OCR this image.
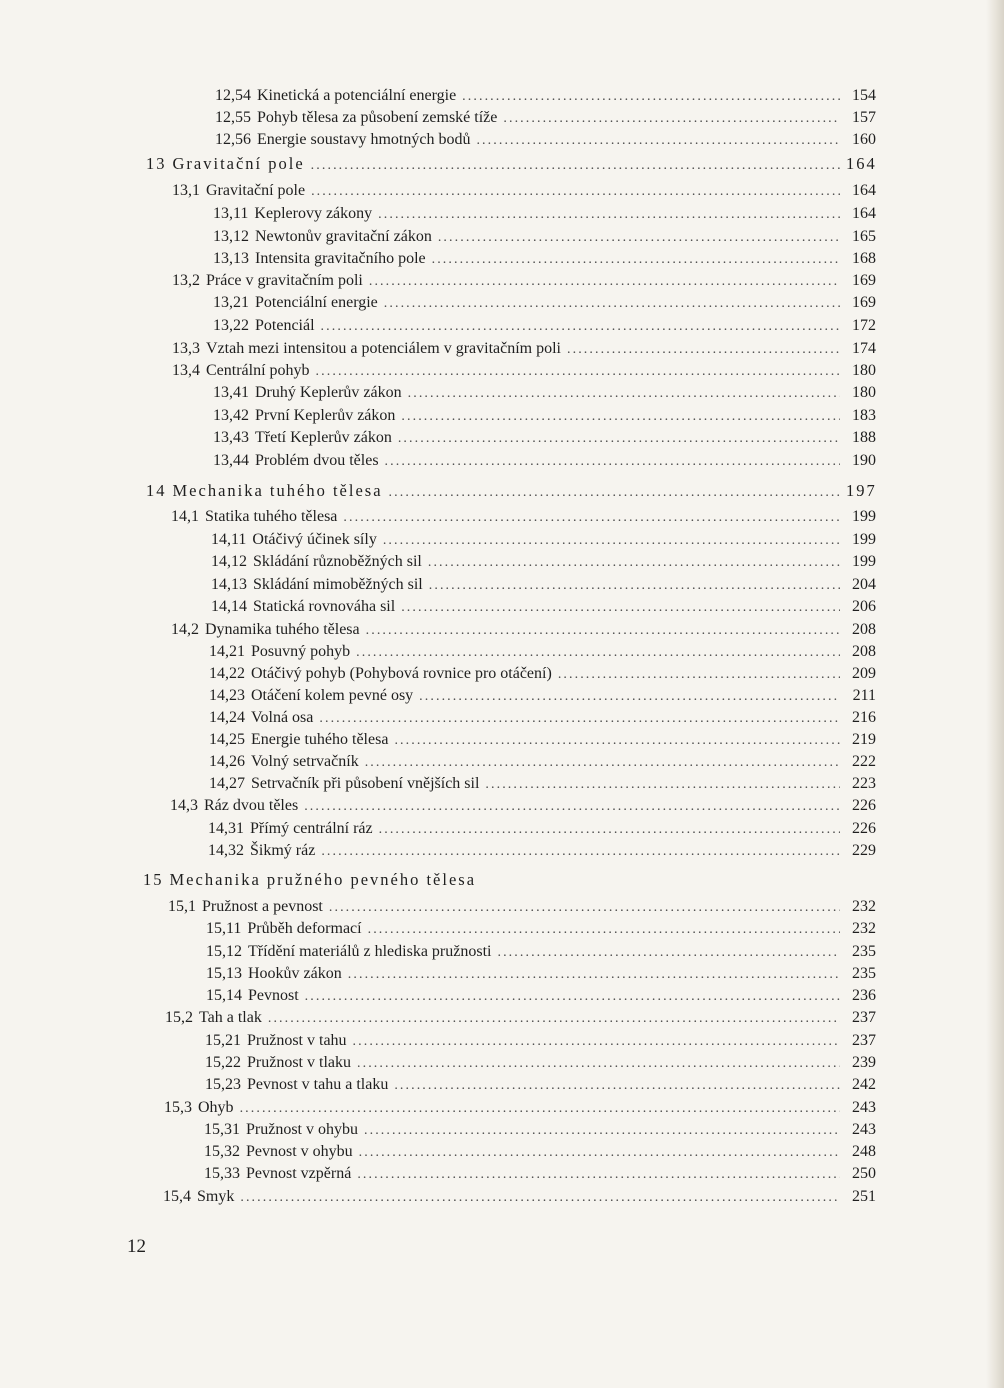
12,54 Kinetická a potenciální energie .....	154
12,55 Pohyb tělesa za působení zemské tíže .....	157
12,56 Energie soustavy hmotných bodů .....	160
13 Gravitační pole .....	164
13,1 Gravitační pole .....	164
13,11 Keplerovy zákony .....	164
13,12 Newtonův gravitační zákon .....	165
13,13 Intensita gravitačního pole .....	168
13,2 Práce v gravitačním poli .....	169
13,21 Potenciální energie .....	169
13,22 Potenciál .....	172
13,3 Vztah mezi intensitou a potenciálem v gravitačním poli .....	174
13,4 Centrální pohyb .....	180
13,41 Druhý Keplerův zákon .....	180
13,42 První Keplerův zákon .....	183
13,43 Třetí Keplerův zákon .....	188
13,44 Problém dvou těles .....	190
14 Mechanika tuhého tělesa .....	197
14,1 Statika tuhého tělesa .....	199
14,11 Otáčivý účinek síly .....	199
14,12 Skládání různoběžných sil .....	199
14,13 Skládání mimoběžných sil .....	204
14,14 Statická rovnováha sil .....	206
14,2 Dynamika tuhého tělesa .....	208
14,21 Posuvný pohyb .....	208
14,22 Otáčivý pohyb (Pohybová rovnice pro otáčení) .....	209
14,23 Otáčení kolem pevné osy .....	211
14,24 Volná osa .....	216
14,25 Energie tuhého tělesa .....	219
14,26 Volný setrvačník .....	222
14,27 Setrvačník při působení vnějších sil .....	223
14,3 Ráz dvou těles .....	226
14,31 Přímý centrální ráz .....	226
14,32 Šikmý ráz .....	229
15 Mechanika pružného pevného tělesa
15,1 Pružnost a pevnost .....	232
15,11 Průběh deformací .....	232
15,12 Třídění materiálů z hlediska pružnosti .....	235
15,13 Hookův zákon .....	235
15,14 Pevnost .....	236
15,2 Tah a tlak .....	237
15,21 Pružnost v tahu .....	237
15,22 Pružnost v tlaku .....	239
15,23 Pevnost v tahu a tlaku .....	242
15,3 Ohyb .....	243
15,31 Pružnost v ohybu .....	243
15,32 Pevnost v ohybu .....	248
15,33 Pevnost vzpěrná .....	250
15,4 Smyk .....	251
12
